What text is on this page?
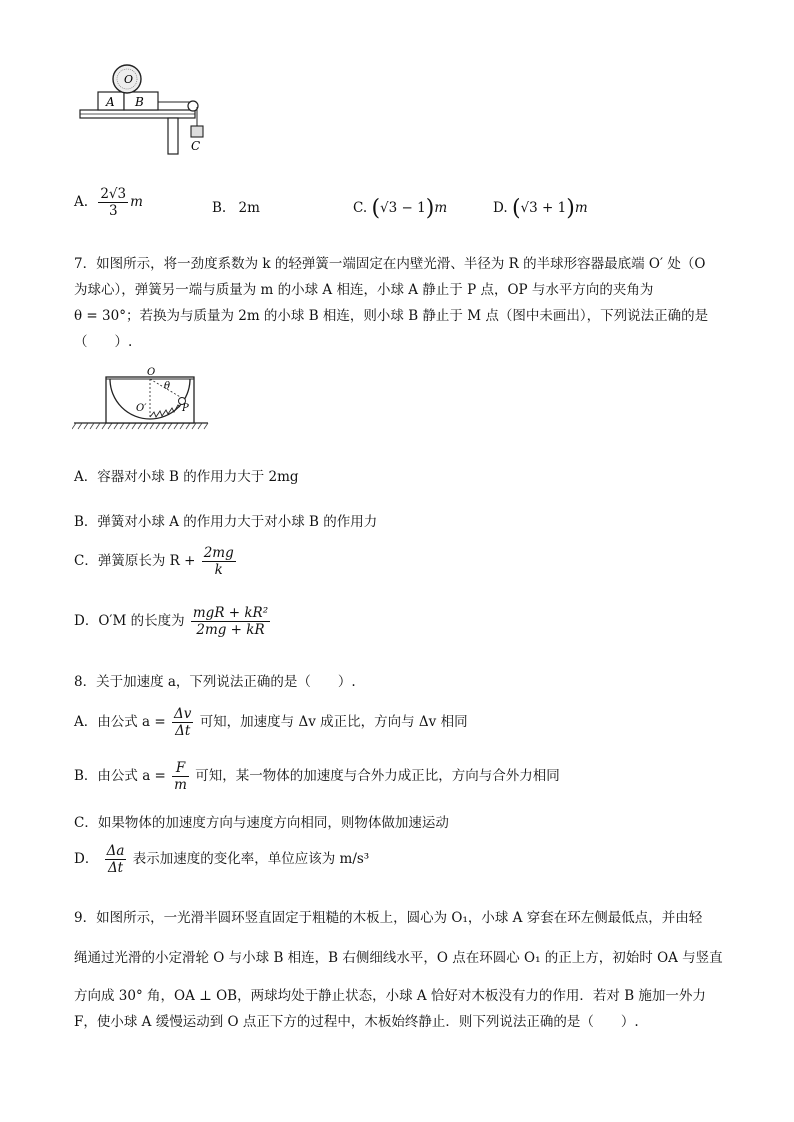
A B
O
C
A. $\frac{2√3}{3}$ m	B. 2m	C. (√3 − 1)m	D. (√3 + 1)m
7．如图所示，将一劲度系数为 k 的轻弹簧一端固定在内壁光滑、半径为 R 的半球形容器最底端 O′ 处（O
为球心），弹簧另一端与质量为 m 的小球 A 相连，小球 A 静止于 P 点，OP 与水平方向的夹角为
θ = 30°；若换为与质量为 2m 的小球 B 相连，则小球 B 静止于 M 点（图中未画出），下列说法正确的是
（　　）.
O
θ
O′	P
A．容器对小球 B 的作用力大于 2mg
B．弹簧对小球 A 的作用力大于对小球 B 的作用力
C．弹簧原长为 $R + \frac{2mg}{k}$
D．O′M 的长度为 $\frac{\text{mgR + kR²}}{2mg + kR}$
8．关于加速度 a，下列说法正确的是（　　）.
A．由公式 $a = \frac{\Delta v}{\Delta t}$ 可知，加速度与 Δv 成正比，方向与 Δv 相同
B．由公式 $a = \frac{F}{m}$ 可知，某一物体的加速度与合外力成正比，方向与合外力相同
C．如果物体的加速度方向与速度方向相同，则物体做加速运动
D． $\frac{\Delta a}{\Delta t}$ 表示加速度的变化率，单位应该为 m/s³
9．如图所示，一光滑半圆环竖直固定于粗糙的木板上，圆心为 O₁，小球 A 穿套在环左侧最低点，并由轻
绳通过光滑的小定滑轮 O 与小球 B 相连，B 右侧细线水平，O 点在环圆心 O₁ 的正上方，初始时 OA 与竖直
方向成 30° 角，OA ⊥ OB，两球均处于静止状态，小球 A 恰好对木板没有力的作用．若对 B 施加一外力
F，使小球 A 缓慢运动到 O 点正下方的过程中，木板始终静止．则下列说法正确的是（　　）.
